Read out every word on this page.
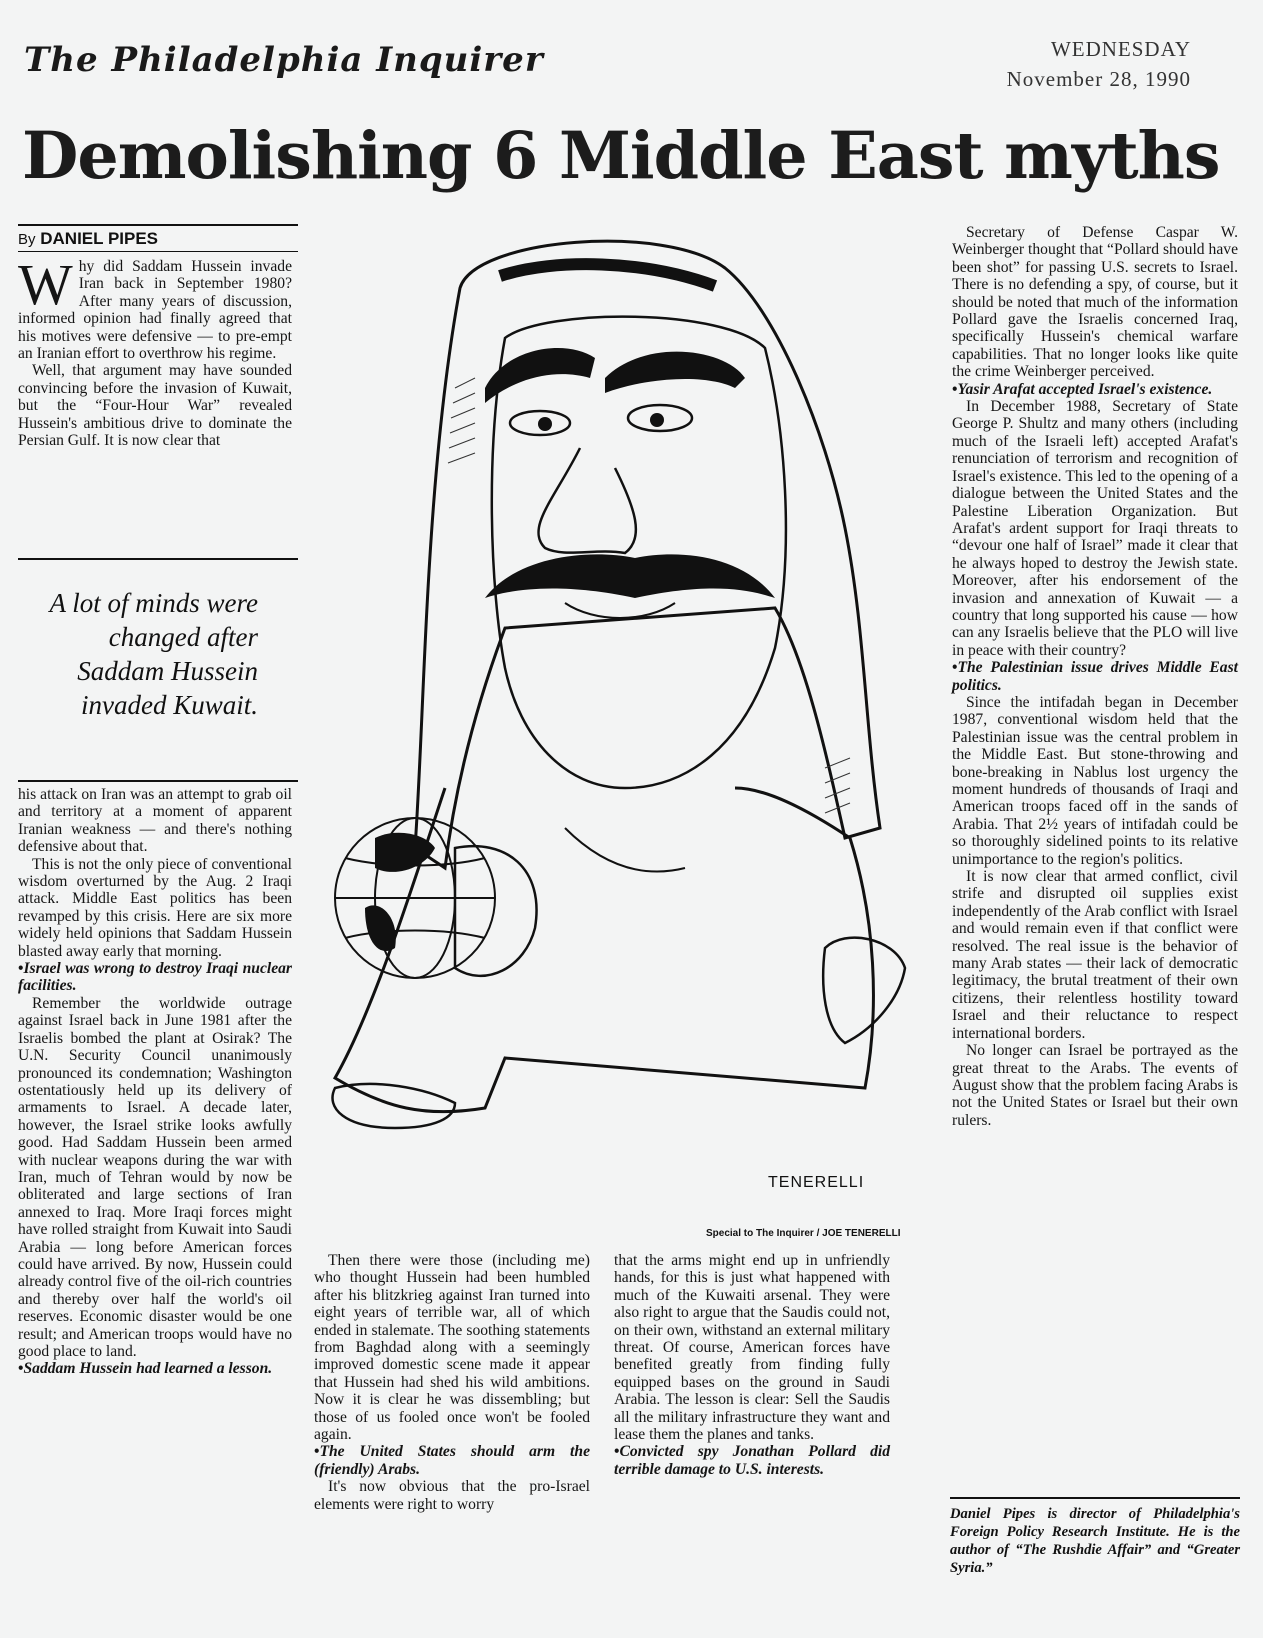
The Philadelphia Inquirer	WEDNESDAY
November 28, 1990
Demolishing 6 Middle East myths
By DANIEL PIPES

Why did Saddam Hussein invade Iran back in September 1980? After many years of discussion, informed opinion had finally agreed that his motives were defensive — to pre-empt an Iranian effort to overthrow his regime.

Well, that argument may have sounded convincing before the invasion of Kuwait, but the “Four-Hour War” revealed Hussein's ambitious drive to dominate the Persian Gulf. It is now clear that

A lot of minds were changed after Saddam Hussein invaded Kuwait.

his attack on Iran was an attempt to grab oil and territory at a moment of apparent Iranian weakness — and there's nothing defensive about that.

This is not the only piece of conventional wisdom overturned by the Aug. 2 Iraqi attack. Middle East politics has been revamped by this crisis. Here are six more widely held opinions that Saddam Hussein blasted away early that morning.

• Israel was wrong to destroy Iraqi nuclear facilities.

Remember the worldwide outrage against Israel back in June 1981 after the Israelis bombed the plant at Osirak? The U.N. Security Council unanimously pronounced its condemnation; Washington ostentatiously held up its delivery of armaments to Israel. A decade later, however, the Israel strike looks awfully good. Had Saddam Hussein been armed with nuclear weapons during the war with Iran, much of Tehran would by now be obliterated and large sections of Iran annexed to Iraq. More Iraqi forces might have rolled straight from Kuwait into Saudi Arabia — long before American forces could have arrived. By now, Hussein could already control five of the oil-rich countries and thereby over half the world's oil reserves. Economic disaster would be one result; and American troops would have no good place to land.

• Saddam Hussein had learned a lesson.

TENERELLI
Special to The Inquirer / JOE TENERELLI

Then there were those (including me) who thought Hussein had been humbled after his blitzkrieg against Iran turned into eight years of terrible war, all of which ended in stalemate. The soothing statements from Baghdad along with a seemingly improved domestic scene made it appear that Hussein had shed his wild ambitions. Now it is clear he was dissembling; but those of us fooled once won't be fooled again.

• The United States should arm the (friendly) Arabs.

It's now obvious that the pro-Israel elements were right to worry

that the arms might end up in unfriendly hands, for this is just what happened with much of the Kuwaiti arsenal. They were also right to argue that the Saudis could not, on their own, withstand an external military threat. Of course, American forces have benefited greatly from finding fully equipped bases on the ground in Saudi Arabia. The lesson is clear: Sell the Saudis all the military infrastructure they want and lease them the planes and tanks.

• Convicted spy Jonathan Pollard did terrible damage to U.S. interests.

Secretary of Defense Caspar W. Weinberger thought that “Pollard should have been shot” for passing U.S. secrets to Israel. There is no defending a spy, of course, but it should be noted that much of the information Pollard gave the Israelis concerned Iraq, specifically Hussein's chemical warfare capabilities. That no longer looks like quite the crime Weinberger perceived.

• Yasir Arafat accepted Israel's existence.

In December 1988, Secretary of State George P. Shultz and many others (including much of the Israeli left) accepted Arafat's renunciation of terrorism and recognition of Israel's existence. This led to the opening of a dialogue between the United States and the Palestine Liberation Organization. But Arafat's ardent support for Iraqi threats to “devour one half of Israel” made it clear that he always hoped to destroy the Jewish state. Moreover, after his endorsement of the invasion and annexation of Kuwait — a country that long supported his cause — how can any Israelis believe that the PLO will live in peace with their country?

• The Palestinian issue drives Middle East politics.

Since the intifadah began in December 1987, conventional wisdom held that the Palestinian issue was the central problem in the Middle East. But stone-throwing and bone-breaking in Nablus lost urgency the moment hundreds of thousands of Iraqi and American troops faced off in the sands of Arabia. That 2½ years of intifadah could be so thoroughly sidelined points to its relative unimportance to the region's politics.

It is now clear that armed conflict, civil strife and disrupted oil supplies exist independently of the Arab conflict with Israel and would remain even if that conflict were resolved. The real issue is the behavior of many Arab states — their lack of democratic legitimacy, the brutal treatment of their own citizens, their relentless hostility toward Israel and their reluctance to respect international borders.

No longer can Israel be portrayed as the great threat to the Arabs. The events of August show that the problem facing Arabs is not the United States or Israel but their own rulers.

Daniel Pipes is director of Philadelphia's Foreign Policy Research Institute. He is the author of “The Rushdie Affair” and “Greater Syria.”
